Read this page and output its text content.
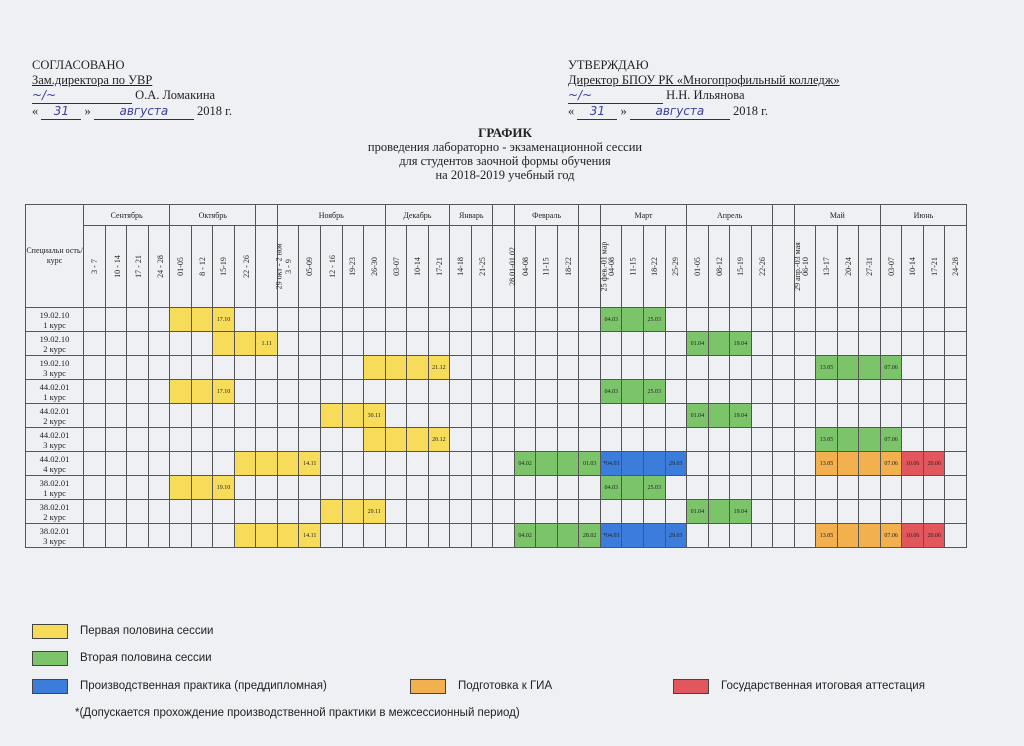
СОГЛАСОВАНО
Зам.директора по УВР
~/~	О.А. Ломакина
« 31 » августа 2018 г.
УТВЕРЖДАЮ
Директор БПОУ РК «Многопрофильный колледж»
~/~	Н.Н. Ильянова
« 31 » августа 2018 г.
ГРАФИК
проведения лабораторно - экзаменационной сессии
для студентов заочной формы обучения
на 2018-2019 учебный год
Специальн ость/курс	Сентябрь				Октябрь					Ноябрь					Декабрь			Январь			Февраль				Март				Апрель					Май				Июнь			
	3 - 7	10 - 14	17 - 21	24 - 28	01-05	8 - 12	15-19	22 - 26	29 окт - 2 ноя	3 - 9	05-09	12 - 16	19-23	26-30	03-07	10-14	17-21	14-18	21-25	28.01-01.02	04-08	11-15	18-22	25 фев.-01 мар	04-08	11-15	18-22	25-29	01-05	08-12	15-19	22-26	29 апр.-03 мая	06-10	13-17	20-24	27-31	03-07	10-14	17-21	24-28

19.02.10
1 курс							17.10																		04.03		25.03														

19.02.10
2 курс									1.11																				01.04		19.04										

19.02.10
3 курс																	21.12																		13.05			07.06			

44.02.01
1 курс							17.10																		04.03		25.03														

44.02.01
2 курс														30.11															01.04		19.04										

44.02.01
3 курс																	20.12																		13.05			07.06			

44.02.01
4 курс											14.11										04.02			01.03	*04.03			29.03							13.05			07.06	10.06	20.06	

38.02.01
1 курс							19.10																		04.03		25.03														

38.02.01
2 курс														29.11															01.04		19.04										

38.02.01
3 курс											14.11										04.02			28.02	*04.03			29.03							13.05			07.06	10.06	20.06	
Первая половина сессии
Вторая половина сессии
Производственная практика (преддипломная)	Подготовка к ГИА	Государственная итоговая аттестация
*(Допускается прохождение производственной практики в межсессионный период)
